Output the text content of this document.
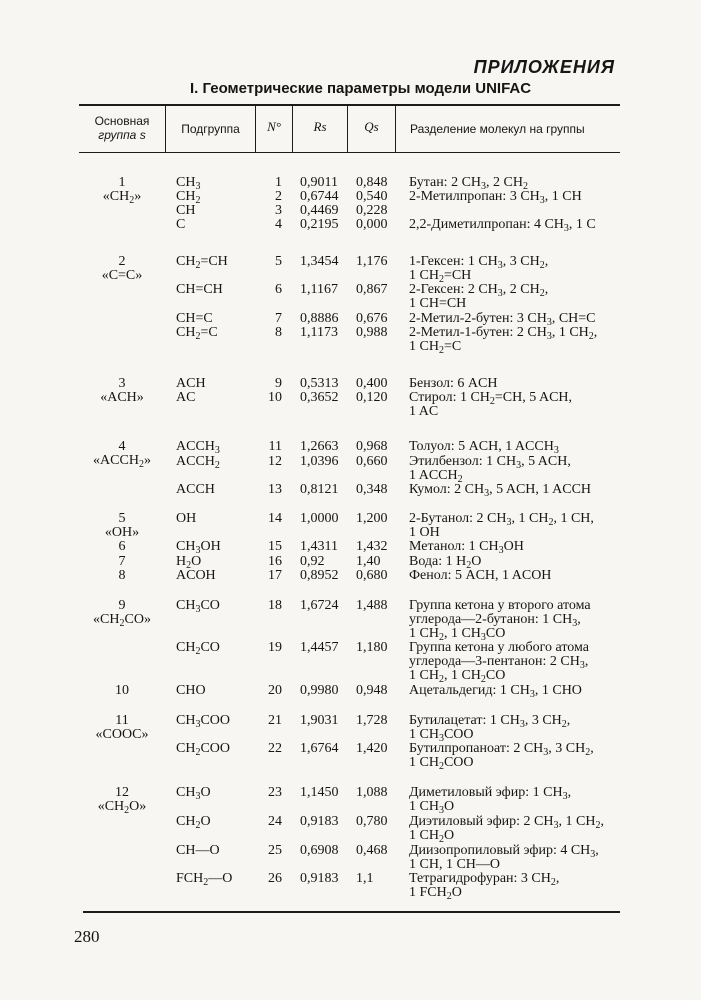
ПРИЛОЖЕНИЯ
I. Геометрические параметры модели UNIFAC
Основная
группа s	Подгруппа	N°	Rs	Qs	Разделение молекул на группы
1
«$CH_2$»
$CH_3$	1 0,9011 0,848 Бутан: 2 $CH_3$, 2 $CH_2$
$CH_2$	2 0,6744 0,540 2-Метилпропан: 3 $CH_3$, 1 CH
CH	3 0,4469 0,228
C	4 0,2195 0,000 2,2-Диметилпропан: 4 $CH_3$, 1 C
2
«C=C»
$CH_2=CH$	5 1,3454 1,176 1-Гексен: 1 $CH_3$, 3 $CH_2$,
1 $CH_2=CH$
CH=CH	6 1,1167 0,867 2-Гексен: 2 $CH_3$, 2 $CH_2$,
1 CH=CH
CH=C	7 0,8886 0,676 2-Метил-2-бутен: 3 $CH_3$, CH=C
$CH_2=C$	8 1,1173 0,988 2-Метил-1-бутен: 2 $CH_3$, 1 $CH_2$,
1 $CH_2=C$
3
«ACH»
ACH	9 0,5313 0,400 Бензол: 6 ACH
AC	10 0,3652 0,120 Стирол: 1 $CH_2=CH$, 5 ACH,
1 AC
4
«$ACCH_2$»
$ACCH_3$	11 1,2663 0,968 Толуол: 5 ACH, 1 $ACCH_3$
$ACCH_2$	12 1,0396 0,660 Этилбензол: 1 $CH_3$, 5 ACH,
1 $ACCH_2$
ACCH	13 0,8121 0,348 Кумол: 2 $CH_3$, 5 ACH, 1 ACCH
5
«OH»
OH	14 1,0000 1,200 2-Бутанол: 2 $CH_3$, 1 $CH_2$, 1 CH,
1 OH
6	$CH_3OH$	15 1,4311 1,432 Метанол: 1 $CH_3OH$
7	$H_2O$	16 0,92 1,40 Вода: 1 $H_2O$
8	ACOH	17 0,8952 0,680 Фенол: 5 ACH, 1 ACOH
9
«$CH_2CO$»
$CH_3CO$	18 1,6724 1,488 Группа кетона у второго атома
углерода—2-бутанон: 1 $CH_3$,
1 $CH_2$, 1 $CH_3CO$
$CH_2CO$	19 1,4457 1,180 Группа кетона у любого атома
углерода—3-пентанон: 2 $CH_3$,
1 $CH_2$, 1 $CH_2CO$
10	CHO	20 0,9980 0,948 Ацетальдегид: 1 $CH_3$, 1 CHO
11
«COOC»
$CH_3COO$	21 1,9031 1,728 Бутилацетат: 1 $CH_3$, 3 $CH_2$,
1 $CH_3COO$
$CH_2COO$	22 1,6764 1,420 Бутилпропаноат: 2 $CH_3$, 3 $CH_2$,
1 $CH_2COO$
12
«$CH_2O$»
$CH_3O$	23 1,1450 1,088 Диметиловый эфир: 1 $CH_3$,
1 $CH_3O$
$CH_2O$	24 0,9183 0,780 Диэтиловый эфир: 2 $CH_3$, 1 $CH_2$,
1 $CH_2O$
CH—O	25 0,6908 0,468 Диизопропиловый эфир: 4 $CH_3$,
1 CH, 1 CH—O
$FCH_2—O$	26 0,9183 1,1	Тетрагидрофуран: 3 $CH_2$,
1 $FCH_2O$
280
